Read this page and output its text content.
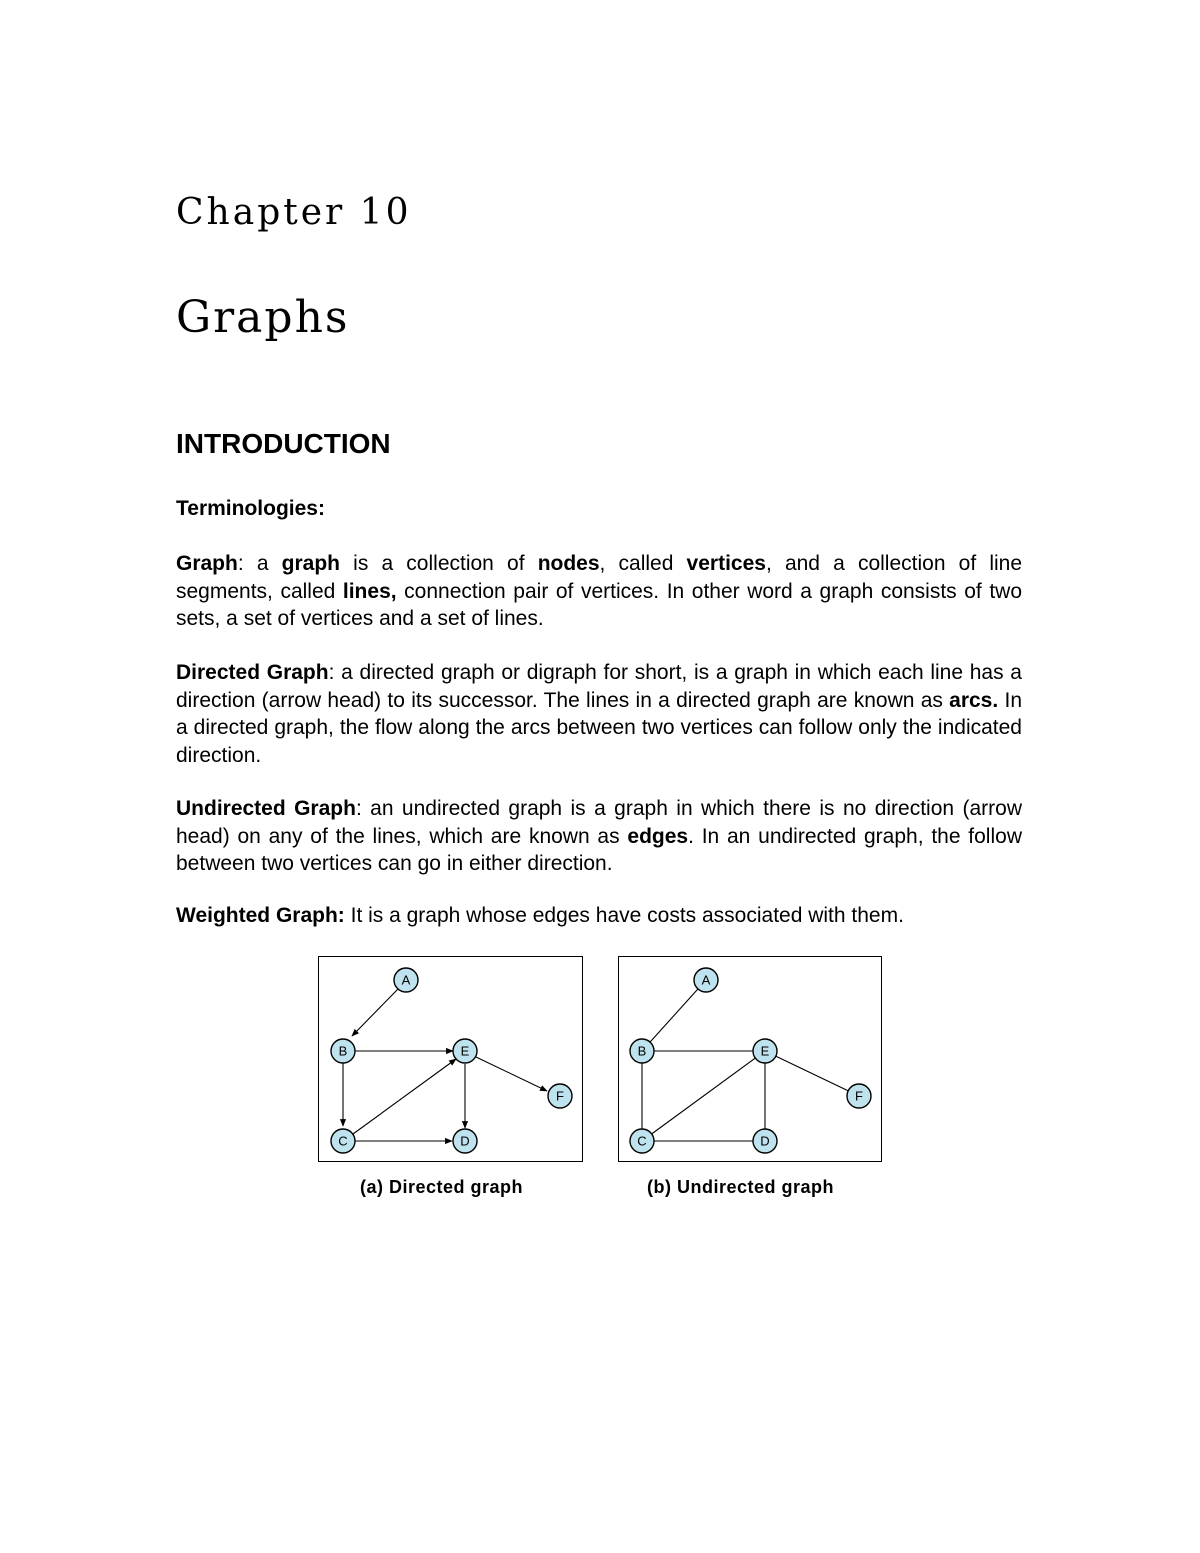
Chapter 10
Graphs
INTRODUCTION
Terminologies:

Graph: a graph is a collection of nodes, called vertices, and a collection of line segments, called lines, connection pair of vertices. In other word a graph consists of two sets, a set of vertices and a set of lines.

Directed Graph: a directed graph or digraph for short, is a graph in which each line has a direction (arrow head) to its successor. The lines in a directed graph are known as arcs. In a directed graph, the flow along the arcs between two vertices can follow only the indicated direction.

Undirected Graph: an undirected graph is a graph in which there is no direction (arrow head) on any of the lines, which are known as edges. In an undirected graph, the follow between two vertices can go in either direction.

Weighted Graph: It is a graph whose edges have costs associated with them.

A
B
C	D
E
F
A
B
C	D
E
F
(a) Directed graph	(b) Undirected graph
